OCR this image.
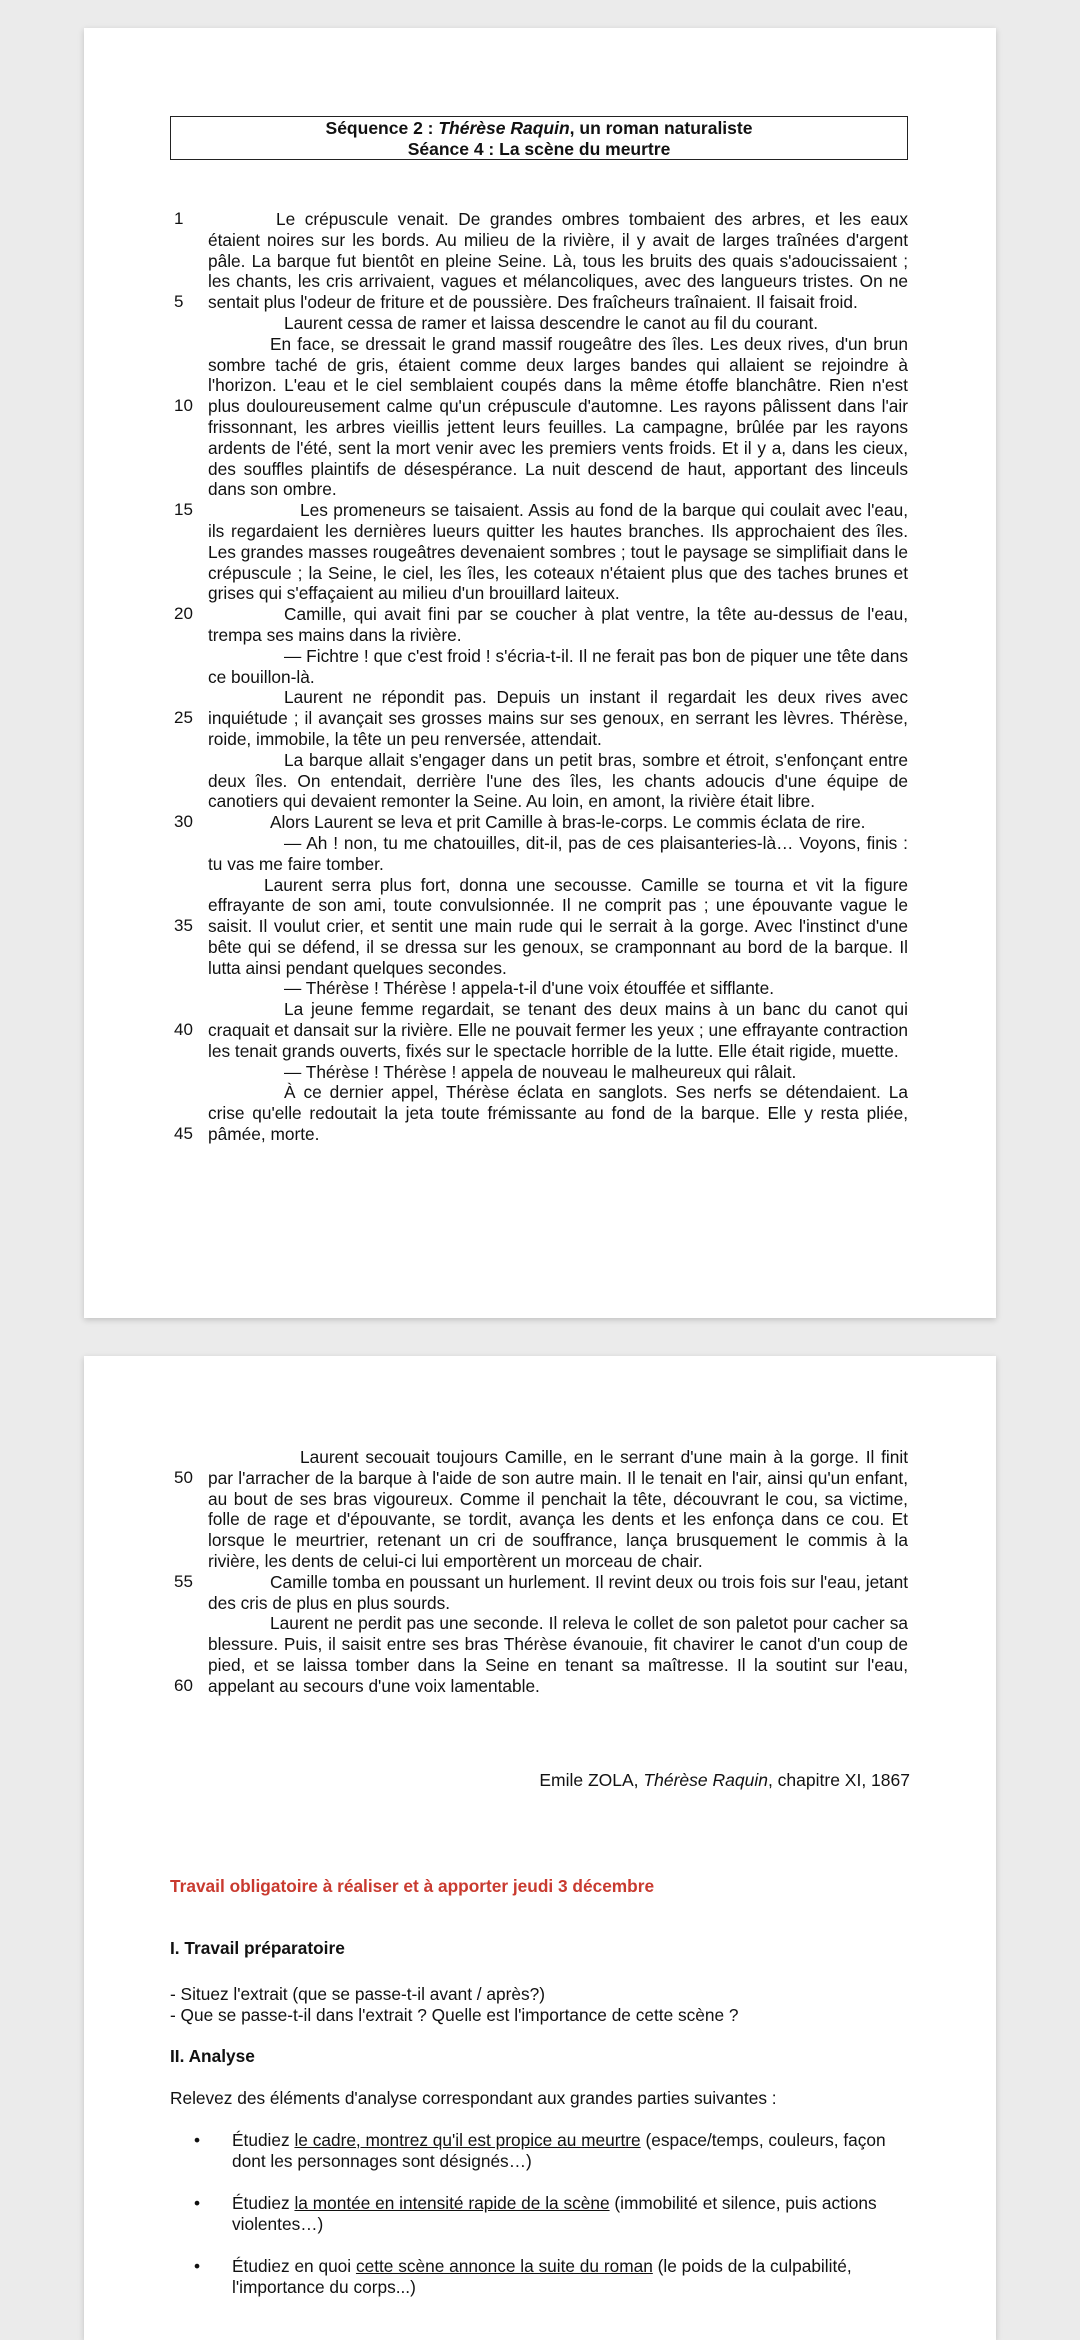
Séquence 2 : Thérèse Raquin, un roman naturaliste
Séance 4 : La scène du meurtre
1
5
10
15
20
25
30
35
40
45

Le crépuscule venait. De grandes ombres tombaient des arbres, et les eaux étaient noires sur les bords. Au milieu de la rivière, il y avait de larges traînées d'argent pâle. La barque fut bientôt en pleine Seine. Là, tous les bruits des quais s'adoucissaient ; les chants, les cris arrivaient, vagues et mélancoliques, avec des langueurs tristes. On ne sentait plus l'odeur de friture et de poussière. Des fraîcheurs traînaient. Il faisait froid.

Laurent cessa de ramer et laissa descendre le canot au fil du courant.

En face, se dressait le grand massif rougeâtre des îles. Les deux rives, d'un brun sombre taché de gris, étaient comme deux larges bandes qui allaient se rejoindre à l'horizon. L'eau et le ciel semblaient coupés dans la même étoffe blanchâtre. Rien n'est plus douloureusement calme qu'un crépuscule d'automne. Les rayons pâlissent dans l'air frissonnant, les arbres vieillis jettent leurs feuilles. La campagne, brûlée par les rayons ardents de l'été, sent la mort venir avec les premiers vents froids. Et il y a, dans les cieux, des souffles plaintifs de désespérance. La nuit descend de haut, apportant des linceuls dans son ombre.

Les promeneurs se taisaient. Assis au fond de la barque qui coulait avec l'eau, ils regardaient les dernières lueurs quitter les hautes branches. Ils approchaient des îles. Les grandes masses rougeâtres devenaient sombres ; tout le paysage se simplifiait dans le crépuscule ; la Seine, le ciel, les îles, les coteaux n'étaient plus que des taches brunes et grises qui s'effaçaient au milieu d'un brouillard laiteux.

Camille, qui avait fini par se coucher à plat ventre, la tête au-dessus de l'eau, trempa ses mains dans la rivière.

— Fichtre ! que c'est froid ! s'écria-t-il. Il ne ferait pas bon de piquer une tête dans ce bouillon-là.

Laurent ne répondit pas. Depuis un instant il regardait les deux rives avec inquiétude ; il avançait ses grosses mains sur ses genoux, en serrant les lèvres. Thérèse, roide, immobile, la tête un peu renversée, attendait.

La barque allait s'engager dans un petit bras, sombre et étroit, s'enfonçant entre deux îles. On entendait, derrière l'une des îles, les chants adoucis d'une équipe de canotiers qui devaient remonter la Seine. Au loin, en amont, la rivière était libre.

Alors Laurent se leva et prit Camille à bras-le-corps. Le commis éclata de rire.

— Ah ! non, tu me chatouilles, dit-il, pas de ces plaisanteries-là… Voyons, finis : tu vas me faire tomber.

Laurent serra plus fort, donna une secousse. Camille se tourna et vit la figure effrayante de son ami, toute convulsionnée. Il ne comprit pas ; une épouvante vague le saisit. Il voulut crier, et sentit une main rude qui le serrait à la gorge. Avec l'instinct d'une bête qui se défend, il se dressa sur les genoux, se cramponnant au bord de la barque. Il lutta ainsi pendant quelques secondes.

— Thérèse ! Thérèse ! appela-t-il d'une voix étouffée et sifflante.

La jeune femme regardait, se tenant des deux mains à un banc du canot qui craquait et dansait sur la rivière. Elle ne pouvait fermer les yeux ; une effrayante contraction les tenait grands ouverts, fixés sur le spectacle horrible de la lutte. Elle était rigide, muette.

— Thérèse ! Thérèse ! appela de nouveau le malheureux qui râlait.

À ce dernier appel, Thérèse éclata en sanglots. Ses nerfs se détendaient. La crise qu'elle redoutait la jeta toute frémissante au fond de la barque. Elle y resta pliée, pâmée, morte.

50
55
60

Laurent secouait toujours Camille, en le serrant d'une main à la gorge. Il finit par l'arracher de la barque à l'aide de son autre main. Il le tenait en l'air, ainsi qu'un enfant, au bout de ses bras vigoureux. Comme il penchait la tête, découvrant le cou, sa victime, folle de rage et d'épouvante, se tordit, avança les dents et les enfonça dans ce cou. Et lorsque le meurtrier, retenant un cri de souffrance, lança brusquement le commis à la rivière, les dents de celui-ci lui emportèrent un morceau de chair.

Camille tomba en poussant un hurlement. Il revint deux ou trois fois sur l'eau, jetant des cris de plus en plus sourds.

Laurent ne perdit pas une seconde. Il releva le collet de son paletot pour cacher sa blessure. Puis, il saisit entre ses bras Thérèse évanouie, fit chavirer le canot d'un coup de pied, et se laissa tomber dans la Seine en tenant sa maîtresse. Il la soutint sur l'eau, appelant au secours d'une voix lamentable.

Emile ZOLA, Thérèse Raquin, chapitre XI, 1867
Travail obligatoire à réaliser et à apporter jeudi 3 décembre
I. Travail préparatoire
- Situez l'extrait (que se passe-t-il avant / après?)
- Que se passe-t-il dans l'extrait ? Quelle est l'importance de cette scène ?
II. Analyse
Relevez des éléments d'analyse correspondant aux grandes parties suivantes :
• Étudiez le cadre, montrez qu'il est propice au meurtre (espace/temps, couleurs, façon dont les personnages sont désignés…)
• Étudiez la montée en intensité rapide de la scène (immobilité et silence, puis actions violentes…)
• Étudiez en quoi cette scène annonce la suite du roman (le poids de la culpabilité, l'importance du corps...)
